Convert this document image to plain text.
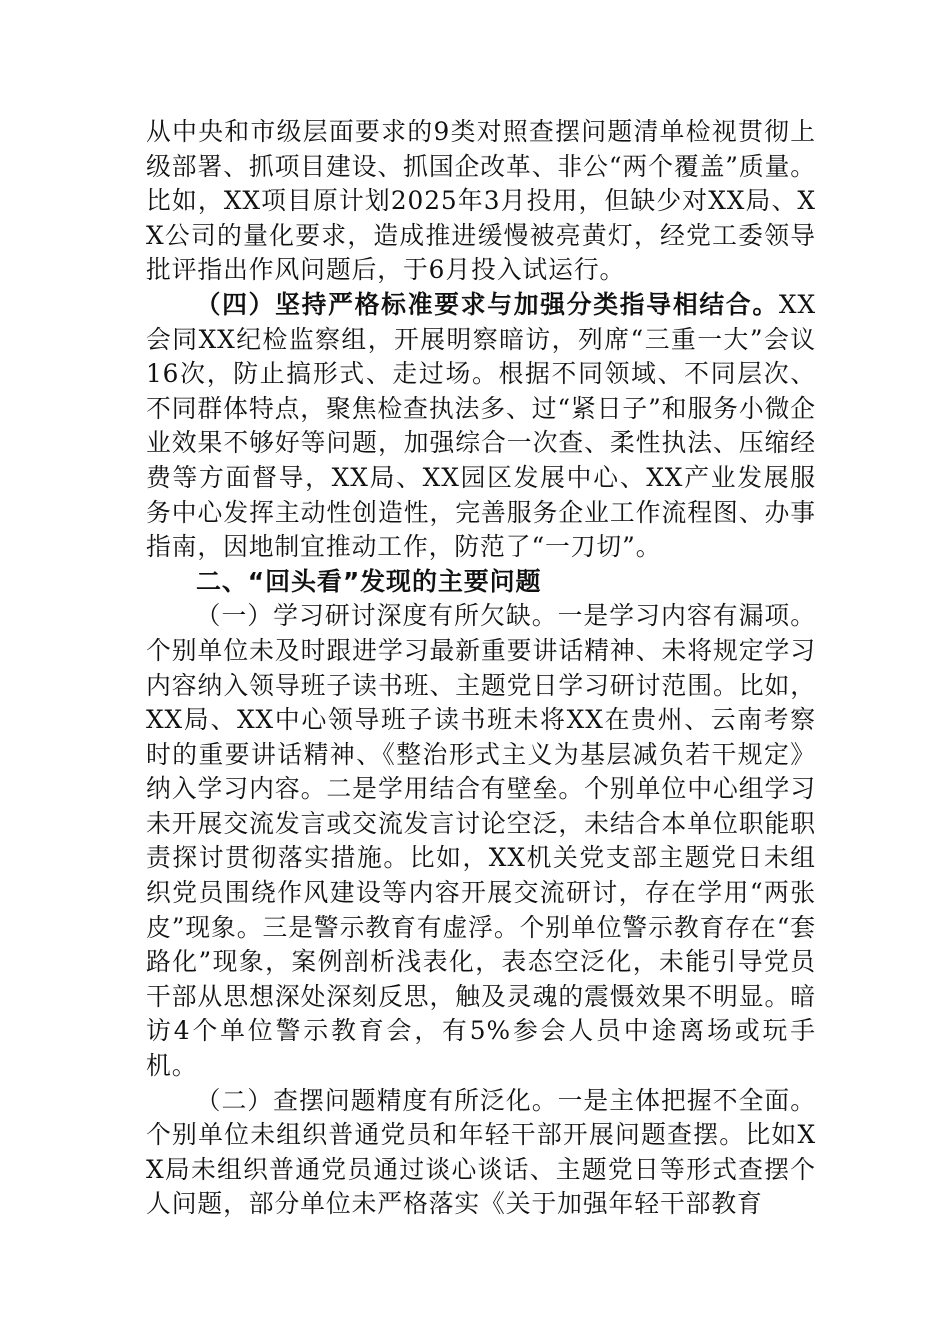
从中央和市级层面要求的9类对照查摆问题清单检视贯彻上级部署、抓项目建设、抓国企改革、非公“两个覆盖”质量。比如，XX项目原计划2025年3月投用，但缺少对XX局、XX公司的量化要求，造成推进缓慢被亮黄灯，经党工委领导批评指出作风问题后，于6月投入试运行。

（四）坚持严格标准要求与加强分类指导相结合。XX会同XX纪检监察组，开展明察暗访，列席“三重一大”会议16次，防止搞形式、走过场。根据不同领域、不同层次、不同群体特点，聚焦检查执法多、过“紧日子”和服务小微企业效果不够好等问题，加强综合一次查、柔性执法、压缩经费等方面督导，XX局、XX园区发展中心、XX产业发展服务中心发挥主动性创造性，完善服务企业工作流程图、办事指南，因地制宜推动工作，防范了“一刀切”。

二、“回头看”发现的主要问题

（一）学习研讨深度有所欠缺。一是学习内容有漏项。个别单位未及时跟进学习最新重要讲话精神、未将规定学习内容纳入领导班子读书班、主题党日学习研讨范围。比如，XX局、XX中心领导班子读书班未将XX在贵州、云南考察时的重要讲话精神、《整治形式主义为基层减负若干规定》纳入学习内容。二是学用结合有壁垒。个别单位中心组学习未开展交流发言或交流发言讨论空泛，未结合本单位职能职责探讨贯彻落实措施。比如，XX机关党支部主题党日未组织党员围绕作风建设等内容开展交流研讨，存在学用“两张皮”现象。三是警示教育有虚浮。个别单位警示教育存在“套路化”现象，案例剖析浅表化，表态空泛化，未能引导党员干部从思想深处深刻反思，触及灵魂的震慑效果不明显。暗访4个单位警示教育会，有5%参会人员中途离场或玩手机。

（二）查摆问题精度有所泛化。一是主体把握不全面。个别单位未组织普通党员和年轻干部开展问题查摆。比如XX局未组织普通党员通过谈心谈话、主题党日等形式查摆个人问题，部分单位未严格落实《关于加强年轻干部教育
